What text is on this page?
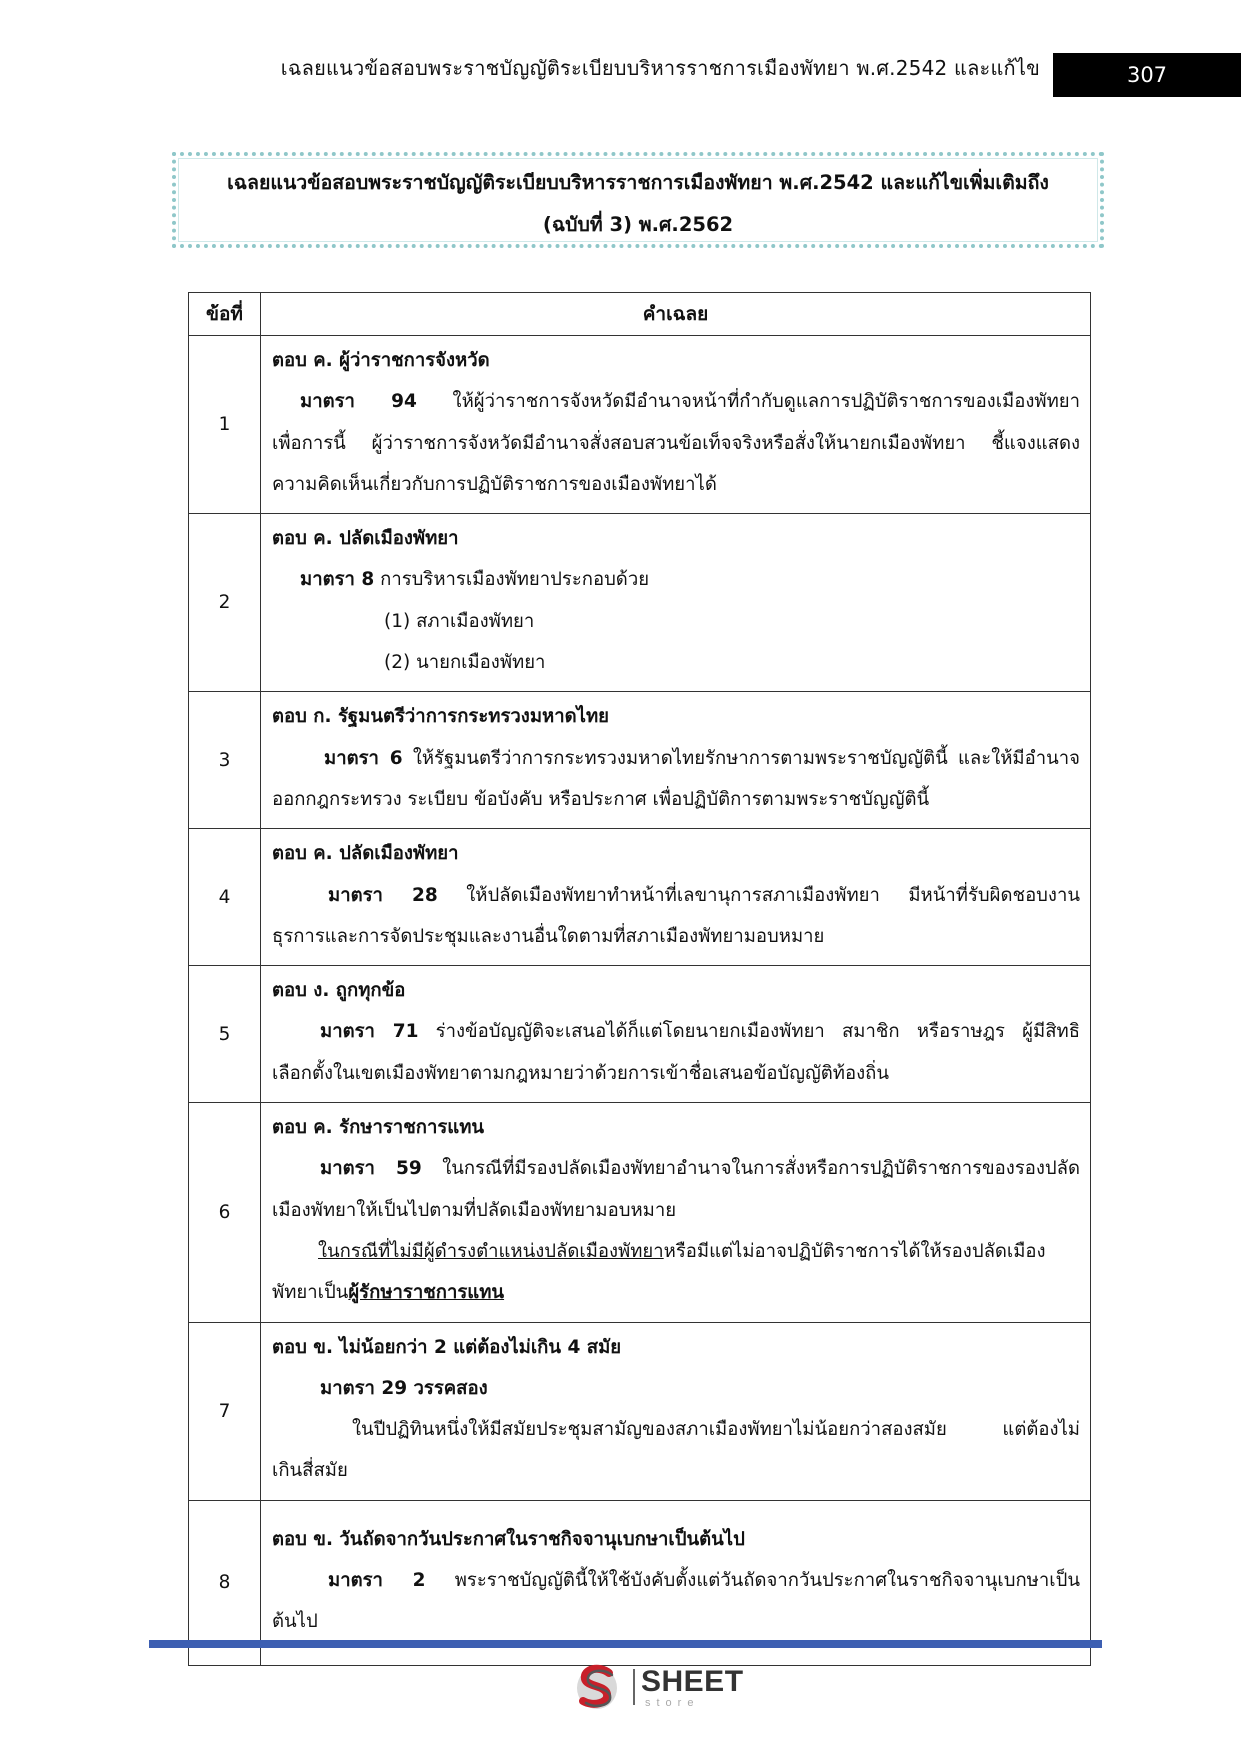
เฉลยแนวข้อสอบพระราชบัญญัติระเบียบบริหารราชการเมืองพัทยา พ.ศ.2542 และแก้ไข	307
เฉลยแนวข้อสอบพระราชบัญญัติระเบียบบริหารราชการเมืองพัทยา พ.ศ.2542 และแก้ไขเพิ่มเติมถึง
(ฉบับที่ 3) พ.ศ.2562
ข้อที่	คำเฉลย
1	ตอบ ค. ผู้ว่าราชการจังหวัด
มาตรา 94 ให้ผู้ว่าราชการจังหวัดมีอำนาจหน้าที่กำกับดูแลการปฏิบัติราชการของเมืองพัทยา
เพื่อการนี้ ผู้ว่าราชการจังหวัดมีอำนาจสั่งสอบสวนข้อเท็จจริงหรือสั่งให้นายกเมืองพัทยา ชี้แจงแสดง
ความคิดเห็นเกี่ยวกับการปฏิบัติราชการของเมืองพัทยาได้

2	ตอบ ค. ปลัดเมืองพัทยา
มาตรา 8 การบริหารเมืองพัทยาประกอบด้วย
(1) สภาเมืองพัทยา
(2) นายกเมืองพัทยา

3	ตอบ ก. รัฐมนตรีว่าการกระทรวงมหาดไทย
มาตรา 6 ให้รัฐมนตรีว่าการกระทรวงมหาดไทยรักษาการตามพระราชบัญญัตินี้ และให้มีอำนาจ
ออกกฎกระทรวง ระเบียบ ข้อบังคับ หรือประกาศ เพื่อปฏิบัติการตามพระราชบัญญัตินี้

4	ตอบ ค. ปลัดเมืองพัทยา
มาตรา 28 ให้ปลัดเมืองพัทยาทำหน้าที่เลขานุการสภาเมืองพัทยา มีหน้าที่รับผิดชอบงาน
ธุรการและการจัดประชุมและงานอื่นใดตามที่สภาเมืองพัทยามอบหมาย

5	ตอบ ง. ถูกทุกข้อ
มาตรา 71 ร่างข้อบัญญัติจะเสนอได้ก็แต่โดยนายกเมืองพัทยา สมาชิก หรือราษฎร ผู้มีสิทธิ
เลือกตั้งในเขตเมืองพัทยาตามกฎหมายว่าด้วยการเข้าชื่อเสนอข้อบัญญัติท้องถิ่น

6	ตอบ ค. รักษาราชการแทน
มาตรา 59 ในกรณีที่มีรองปลัดเมืองพัทยาอำนาจในการสั่งหรือการปฏิบัติราชการของรองปลัด
เมืองพัทยาให้เป็นไปตามที่ปลัดเมืองพัทยามอบหมาย
ในกรณีที่ไม่มีผู้ดำรงตำแหน่งปลัดเมืองพัทยาหรือมีแต่ไม่อาจปฏิบัติราชการได้ให้รองปลัดเมือง
พัทยาเป็นผู้รักษาราชการแทน

7	ตอบ ข. ไม่น้อยกว่า 2 แต่ต้องไม่เกิน 4 สมัย
มาตรา 29 วรรคสอง
ในปีปฏิทินหนึ่งให้มีสมัยประชุมสามัญของสภาเมืองพัทยาไม่น้อยกว่าสองสมัย แต่ต้องไม่
เกินสี่สมัย

8	ตอบ ข. วันถัดจากวันประกาศในราชกิจจานุเบกษาเป็นต้นไป
มาตรา 2 พระราชบัญญัตินี้ให้ใช้บังคับตั้งแต่วันถัดจากวันประกาศในราชกิจจานุเบกษาเป็น
ต้นไป
SHEET
store
